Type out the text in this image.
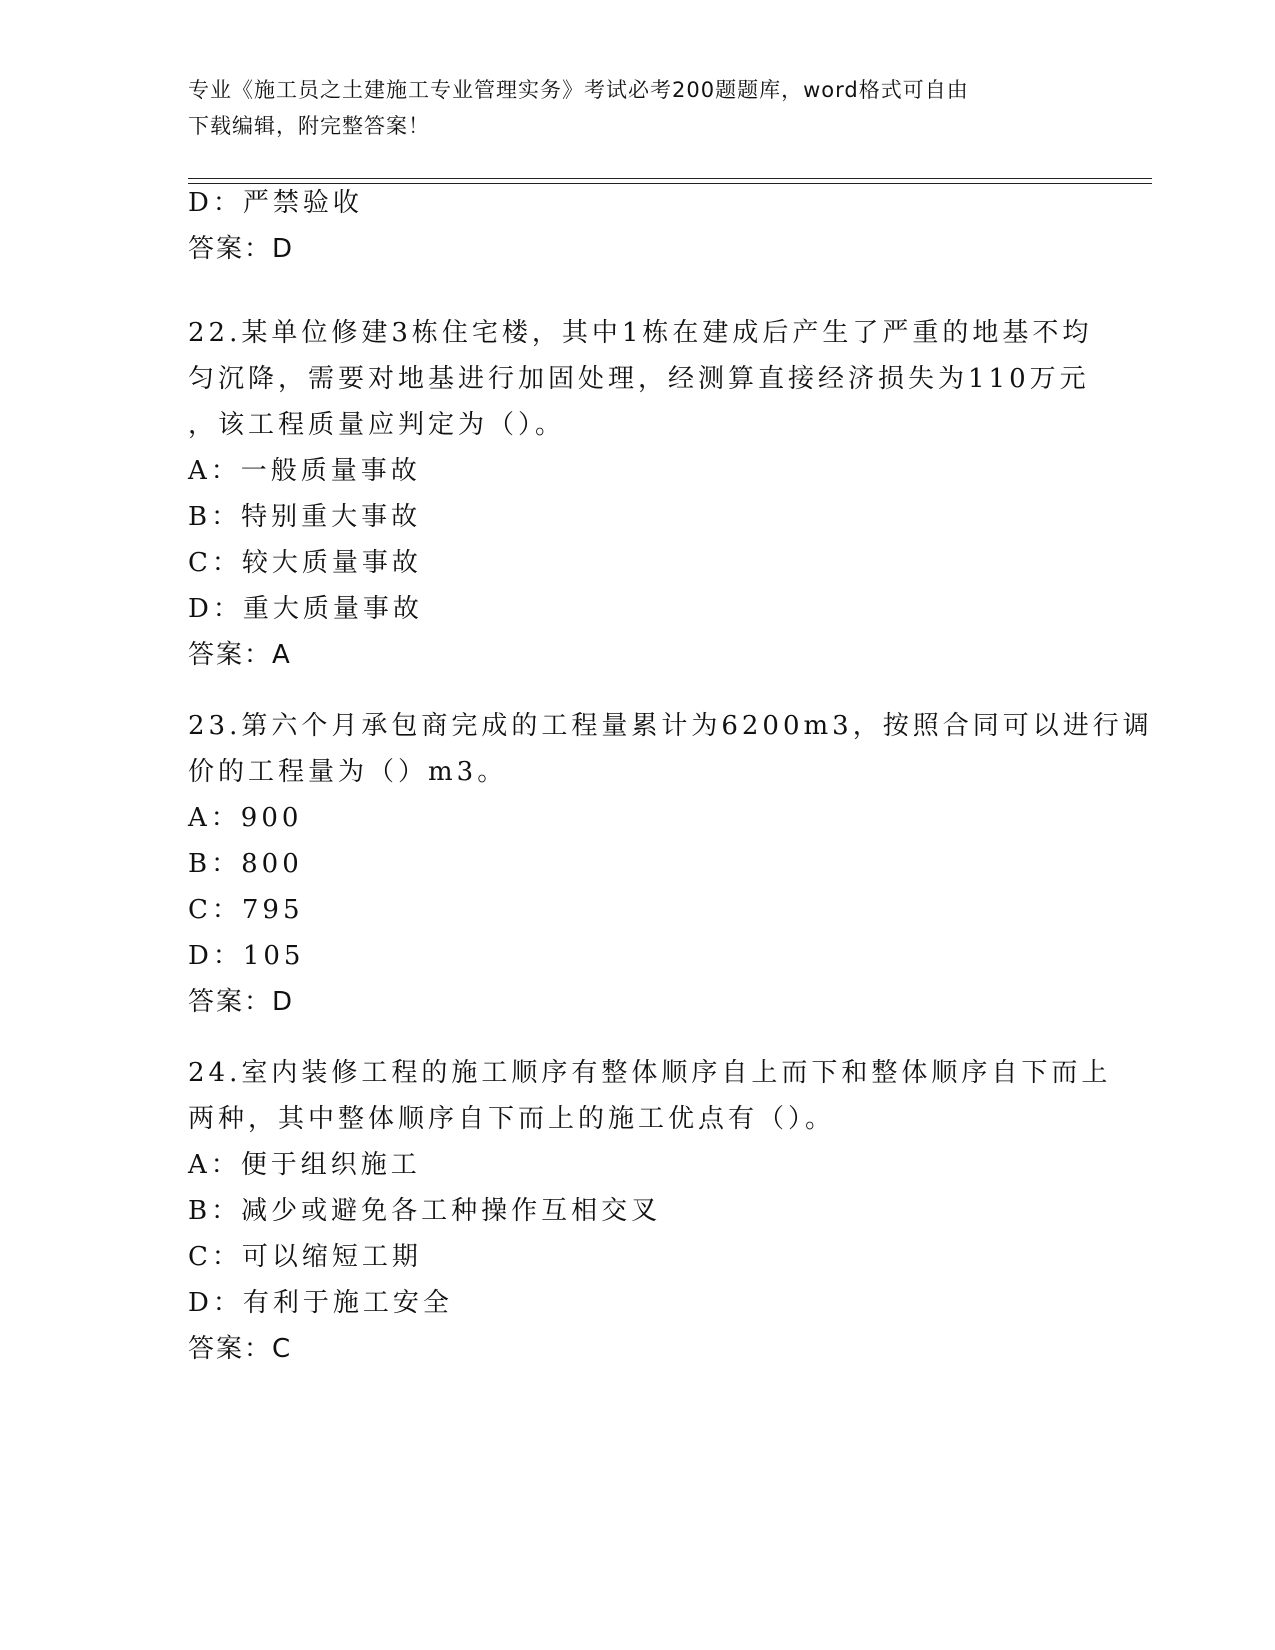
专业《施工员之土建施工专业管理实务》考试必考200题题库，word格式可自由
下载编辑，附完整答案！
D：严禁验收
答案：D
22.某单位修建3栋住宅楼，其中1栋在建成后产生了严重的地基不均
匀沉降，需要对地基进行加固处理，经测算直接经济损失为110万元
，该工程质量应判定为（）。
A：一般质量事故
B：特别重大事故
C：较大质量事故
D：重大质量事故
答案：A
23.第六个月承包商完成的工程量累计为6200m3，按照合同可以进行调
价的工程量为（）m3。
A：900
B：800
C：795
D：105
答案：D
24.室内装修工程的施工顺序有整体顺序自上而下和整体顺序自下而上
两种，其中整体顺序自下而上的施工优点有（）。
A：便于组织施工
B：减少或避免各工种操作互相交叉
C：可以缩短工期
D：有利于施工安全
答案：C
